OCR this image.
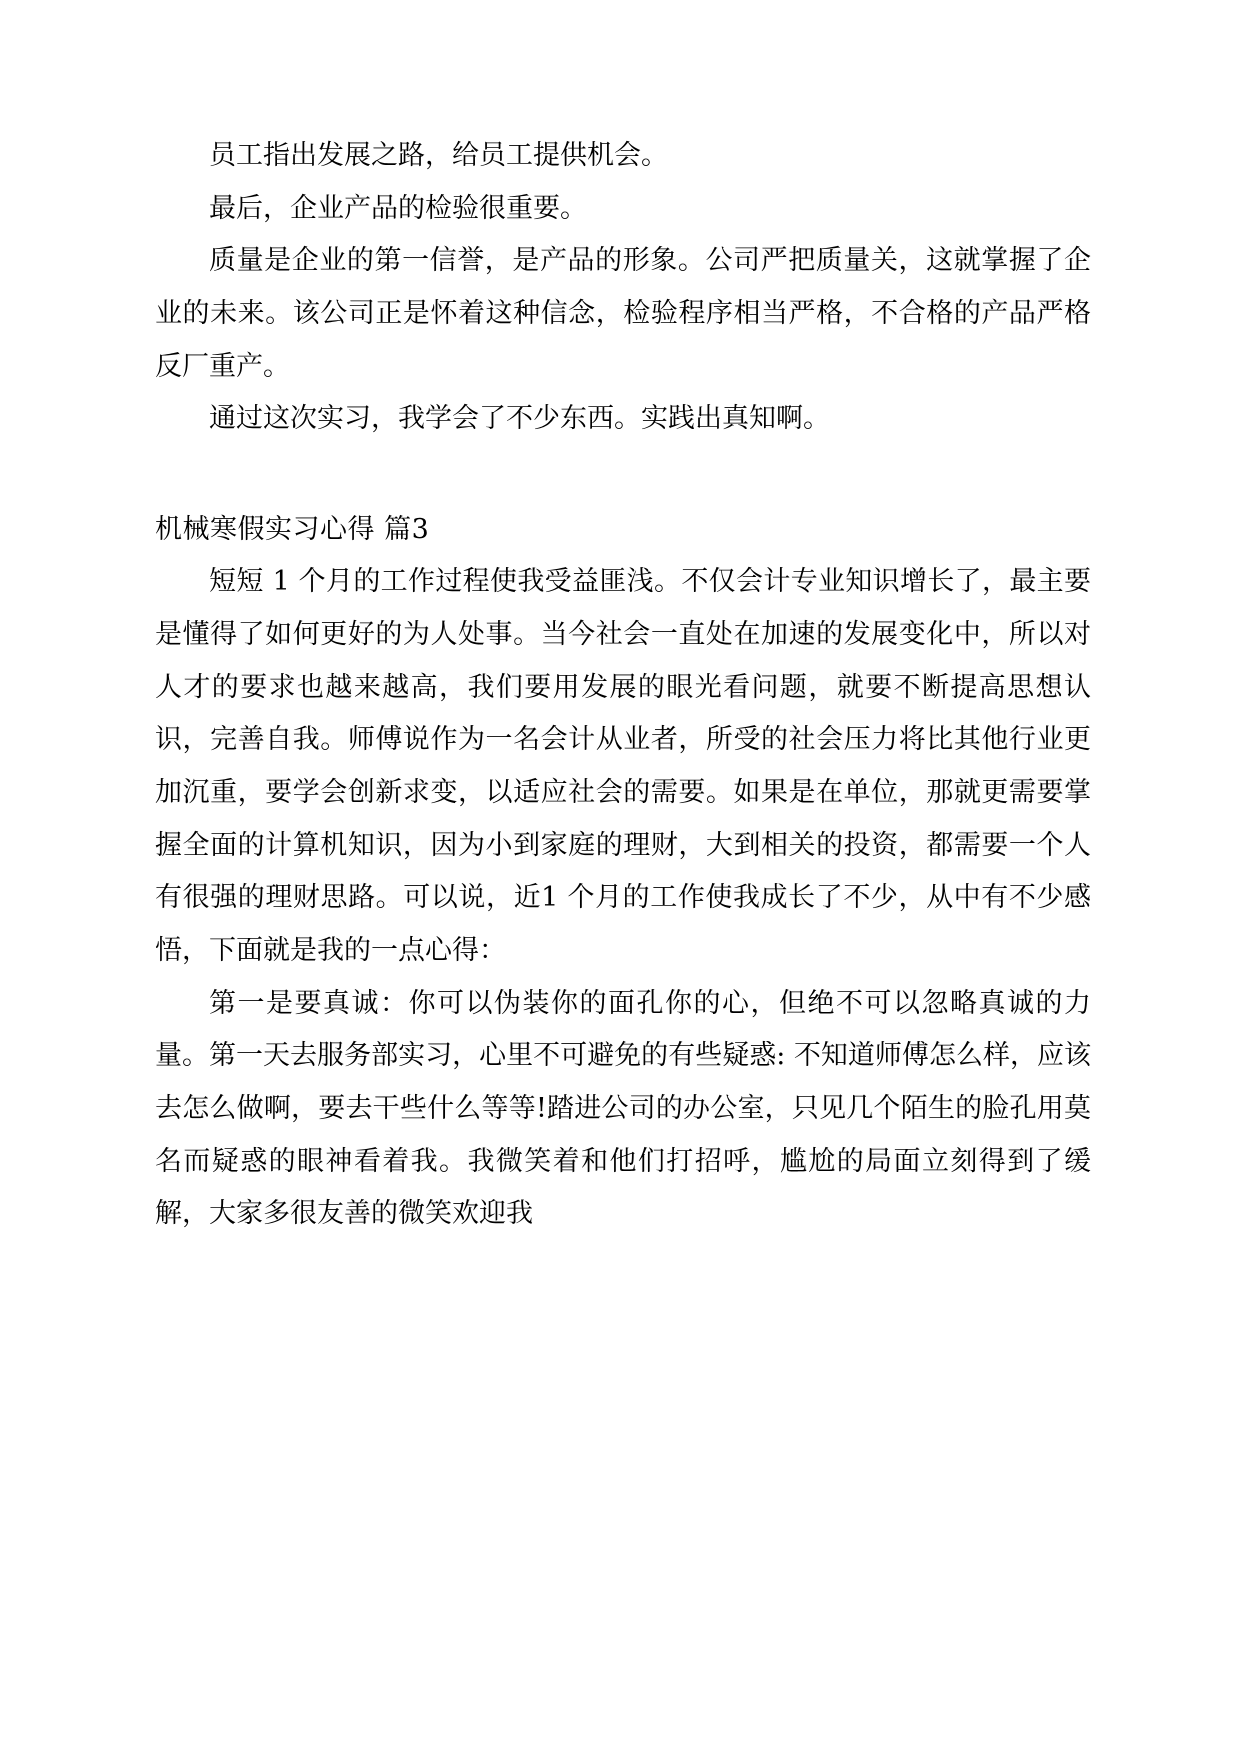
员工指出发展之路，给员工提供机会。

最后，企业产品的检验很重要。

质量是企业的第一信誉，是产品的形象。公司严把质量关，这就掌握了企业的未来。该公司正是怀着这种信念，检验程序相当严格，不合格的产品严格反厂重产。

通过这次实习，我学会了不少东西。实践出真知啊。

机械寒假实习心得 篇3

短短 1 个月的工作过程使我受益匪浅。不仅会计专业知识增长了，最主要是懂得了如何更好的为人处事。当今社会一直处在加速的发展变化中，所以对人才的要求也越来越高，我们要用发展的眼光看问题，就要不断提高思想认识，完善自我。师傅说作为一名会计从业者，所受的社会压力将比其他行业更加沉重，要学会创新求变，以适应社会的需要。如果是在单位，那就更需要掌握全面的计算机知识，因为小到家庭的理财，大到相关的投资，都需要一个人有很强的理财思路。可以说，近1 个月的工作使我成长了不少，从中有不少感悟，下面就是我的一点心得：

第一是要真诚：你可以伪装你的面孔你的心，但绝不可以忽略真诚的力量。第一天去服务部实习，心里不可避免的有些疑惑: 不知道师傅怎么样，应该去怎么做啊，要去干些什么等等!踏进公司的办公室，只见几个陌生的脸孔用莫名而疑惑的眼神看着我。我微笑着和他们打招呼，尴尬的局面立刻得到了缓解，大家多很友善的微笑欢迎我
